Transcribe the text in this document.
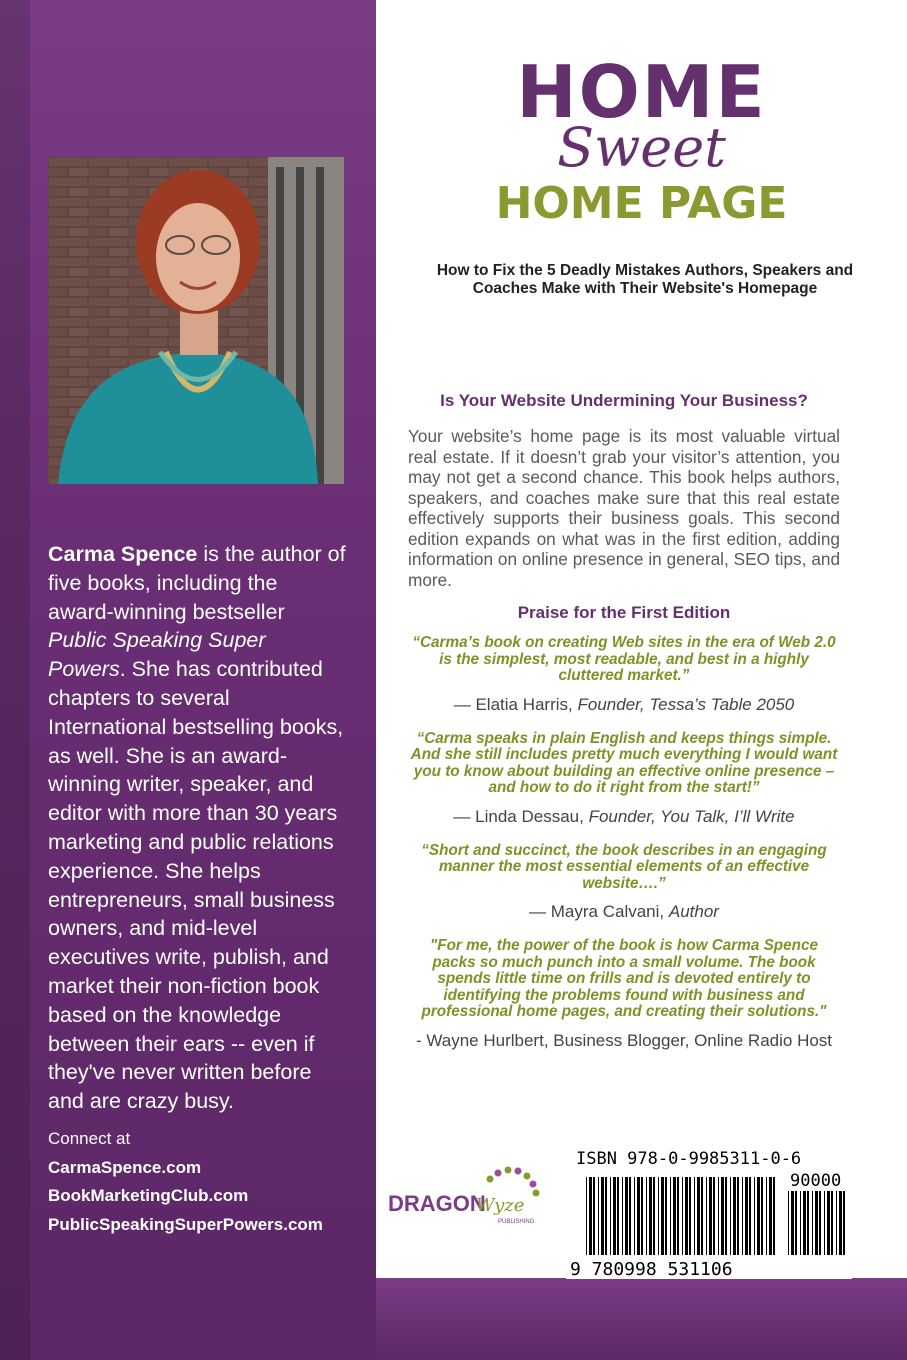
Carma Spence is the author of five books, including the award-winning bestseller Public Speaking Super Powers. She has contributed chapters to several International bestselling books, as well. She is an award-winning writer, speaker, and editor with more than 30 years marketing and public relations experience. She helps entrepreneurs, small business owners, and mid-level executives write, publish, and market their non-fiction book based on the knowledge between their ears -- even if they've never written before and are crazy busy.
Connect at
CarmaSpence.com
BookMarketingClub.com
PublicSpeakingSuperPowers.com
HOME
Sweet
HOME PAGE
How to Fix the 5 Deadly Mistakes Authors, Speakers and Coaches Make with Their Website's Homepage

Is Your Website Undermining Your Business?

Your website’s home page is its most valuable virtual real estate. If it doesn’t grab your visitor’s attention, you may not get a second chance. This book helps authors, speakers, and coaches make sure that this real estate effectively supports their business goals. This second edition expands on what was in the first edition, adding information on online presence in general, SEO tips, and more.

Praise for the First Edition

“Carma’s book on creating Web sites in the era of Web 2.0 is the simplest, most readable, and best in a highly cluttered market.”

— Elatia Harris, Founder, Tessa’s Table 2050

“Carma speaks in plain English and keeps things simple. And she still includes pretty much everything I would want you to know about building an effective online presence – and how to do it right from the start!”

— Linda Dessau, Founder, You Talk, I’ll Write

“Short and succinct, the book describes in an engaging manner the most essential elements of an effective website….”

— Mayra Calvani, Author

"For me, the power of the book is how Carma Spence packs so much punch into a small volume. The book spends little time on frills and is devoted entirely to identifying the problems found with business and professional home pages, and creating their solutions."

- Wayne Hurlbert, Business Blogger, Online Radio Host

DRAGON
Wyze
PUBLISHING
ISBN 978-0-9985311-0-6
90000
9 780998 531106
